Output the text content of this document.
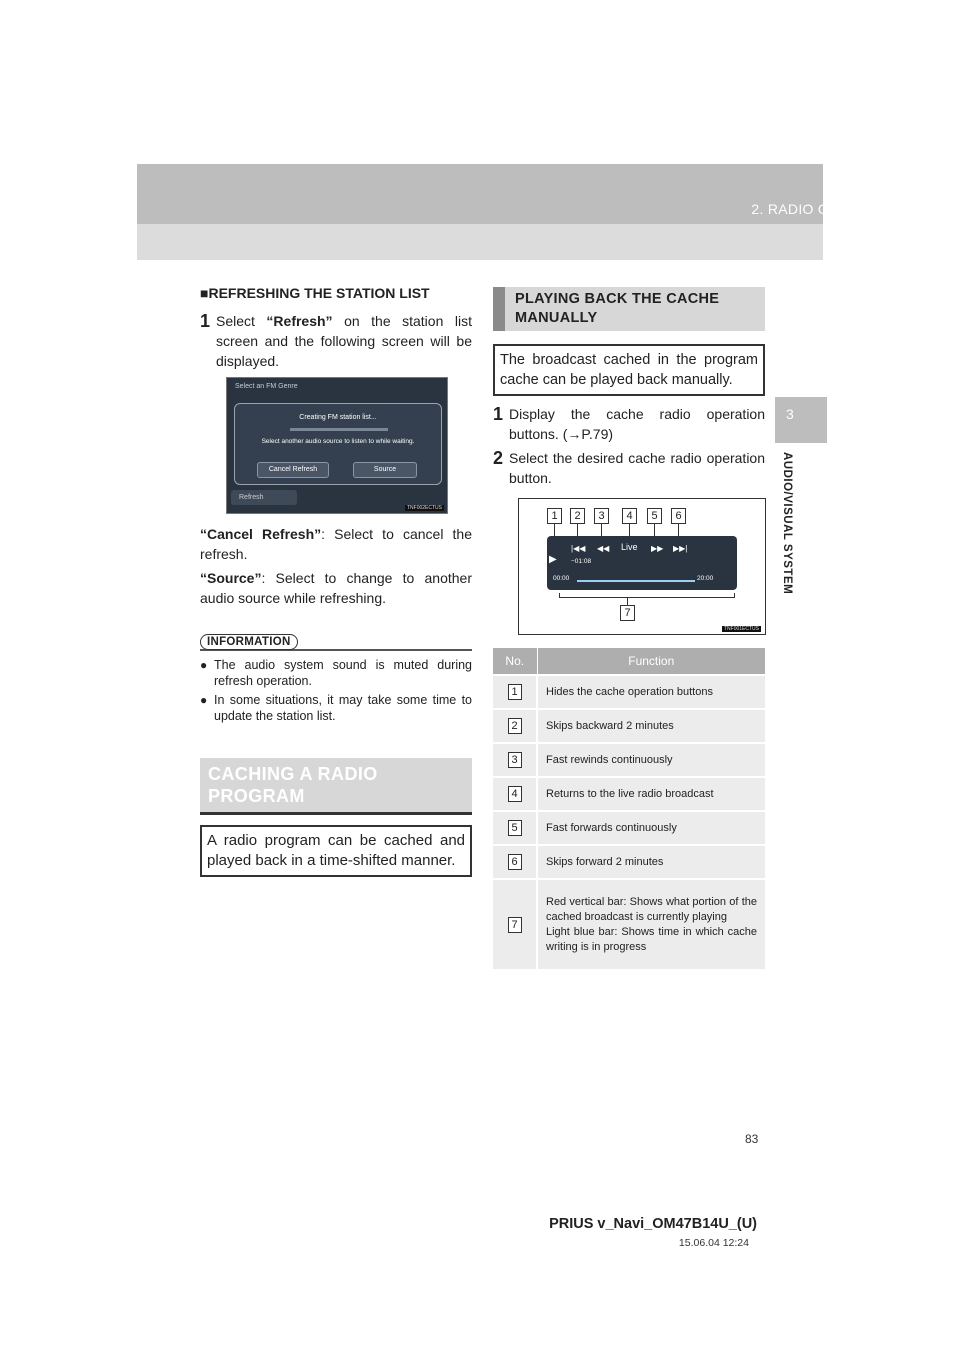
2. RADIO OPERATION
3
AUDIO/VISUAL SYSTEM
■REFRESHING THE STATION LIST
1 Select “Refresh” on the station list screen and the following screen will be displayed.
Select an FM Genre
Creating FM station list...
Select another audio source to listen to while waiting.
Cancel Refresh	Source
Refresh
TNF002ECTUS
“Cancel Refresh”: Select to cancel the refresh.
“Source”: Select to change to another audio source while refreshing.
INFORMATION
● The audio system sound is muted during refresh operation.
● In some situations, it may take some time to update the station list.
CACHING A RADIO PROGRAM
A radio program can be cached and played back in a time-shifted manner.
PLAYING BACK THE CACHE MANUALLY
The broadcast cached in the program cache can be played back manually.
1 Display the cache radio operation buttons. (→P.79)
2 Select the desired cache radio operation button.
1	2	3	4	5	6
▶
|◀◀ ◀◀ Live ▶▶ ▶▶|
−01:08
00:00	20:00
7
TNF001ECTUS
No.	Function
1	Hides the cache operation buttons
2	Skips backward 2 minutes
3	Fast rewinds continuously
4	Returns to the live radio broadcast
5	Fast forwards continuously
6	Skips forward 2 minutes
7	Red vertical bar: Shows what portion of the cached broadcast is currently playing
Light blue bar: Shows time in which cache writing is in progress
83
PRIUS v_Navi_OM47B14U_(U)
15.06.04 12:24
